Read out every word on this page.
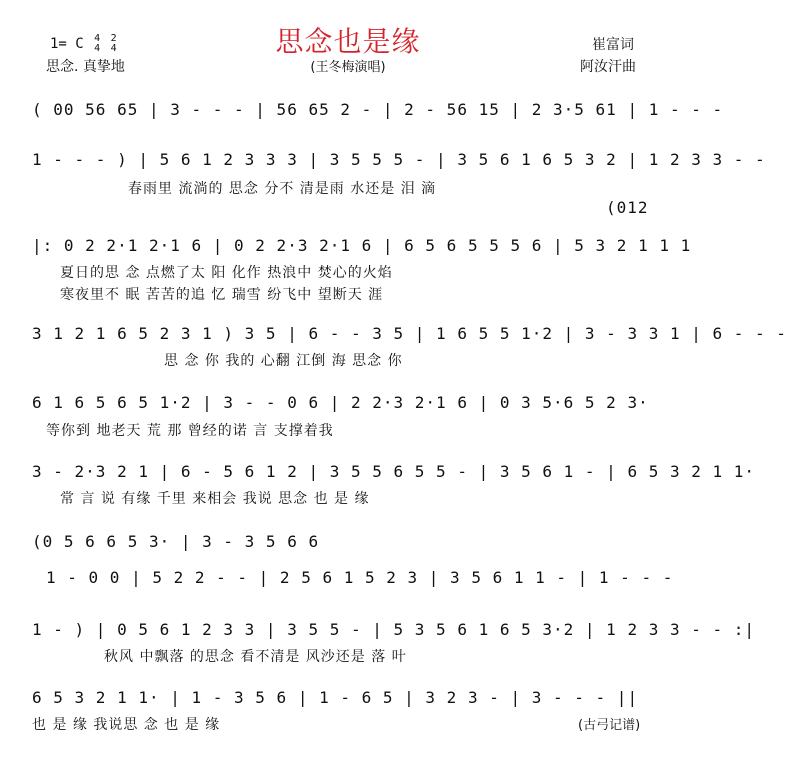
思念也是缘
(王冬梅演唱)
1= C 4
4

2
4
思念. 真挚地
崔富词
阿汝汗曲
( 00 56 65 | 3 - - - | 56 65 2 - | 2 - 56 15 | 2 3·5 61 | 1 - - -
1 - - - ) | 5 6 1 2 3 3 3 | 3 5 5 5 - | 3 5 6 1 6 5 3 2 | 1 2 3 3 - -
春雨里 流淌的 思念 分不 清是雨 水还是 泪 滴
(012
|: 0 2 2·1 2·1 6 | 0 2 2·3 2·1 6 | 6 5 6 5 5 5 6 | 5 3 2 1 1 1
夏日的思 念 点燃了太 阳 化作 热浪中 焚心的火焰
寒夜里不 眠 苦苦的追 忆 瑞雪 纷飞中 望断天 涯
3 1 2 1 6 5 2 3 1 ) 3 5 | 6 - - 3 5 | 1 6 5 5 1·2 | 3 - 3 3 1 | 6 - - -
思 念 你 我的 心翻 江倒 海 思念 你
6 1 6 5 6 5 1·2 | 3 - - 0 6 | 2 2·3 2·1 6 | 0 3 5·6 5 2 3·
等你到 地老天 荒 那 曾经的诺 言 支撑着我
3 - 2·3 2 1 | 6 - 5 6 1 2 | 3 5 5 6 5 5 - | 3 5 6 1 - | 6 5 3 2 1 1·
常 言 说 有缘 千里 来相会 我说 思念 也 是 缘
(0 5 6 6 5 3· | 3 - 3 5 6 6
1 - 0 0 | 5 2 2 - - | 2 5 6 1 5 2 3 | 3 5 6 1 1 - | 1 - - -
1 - ) | 0 5 6 1 2 3 3 | 3 5 5 - | 5 3 5 6 1 6 5 3·2 | 1 2 3 3 - - :|
秋风 中飘落 的思念 看不清是 风沙还是 落 叶
6 5 3 2 1 1· | 1 - 3 5 6 | 1 - 6 5 | 3 2 3 - | 3 - - - ||
也 是 缘 我说思 念 也 是 缘	(古弓记谱)
